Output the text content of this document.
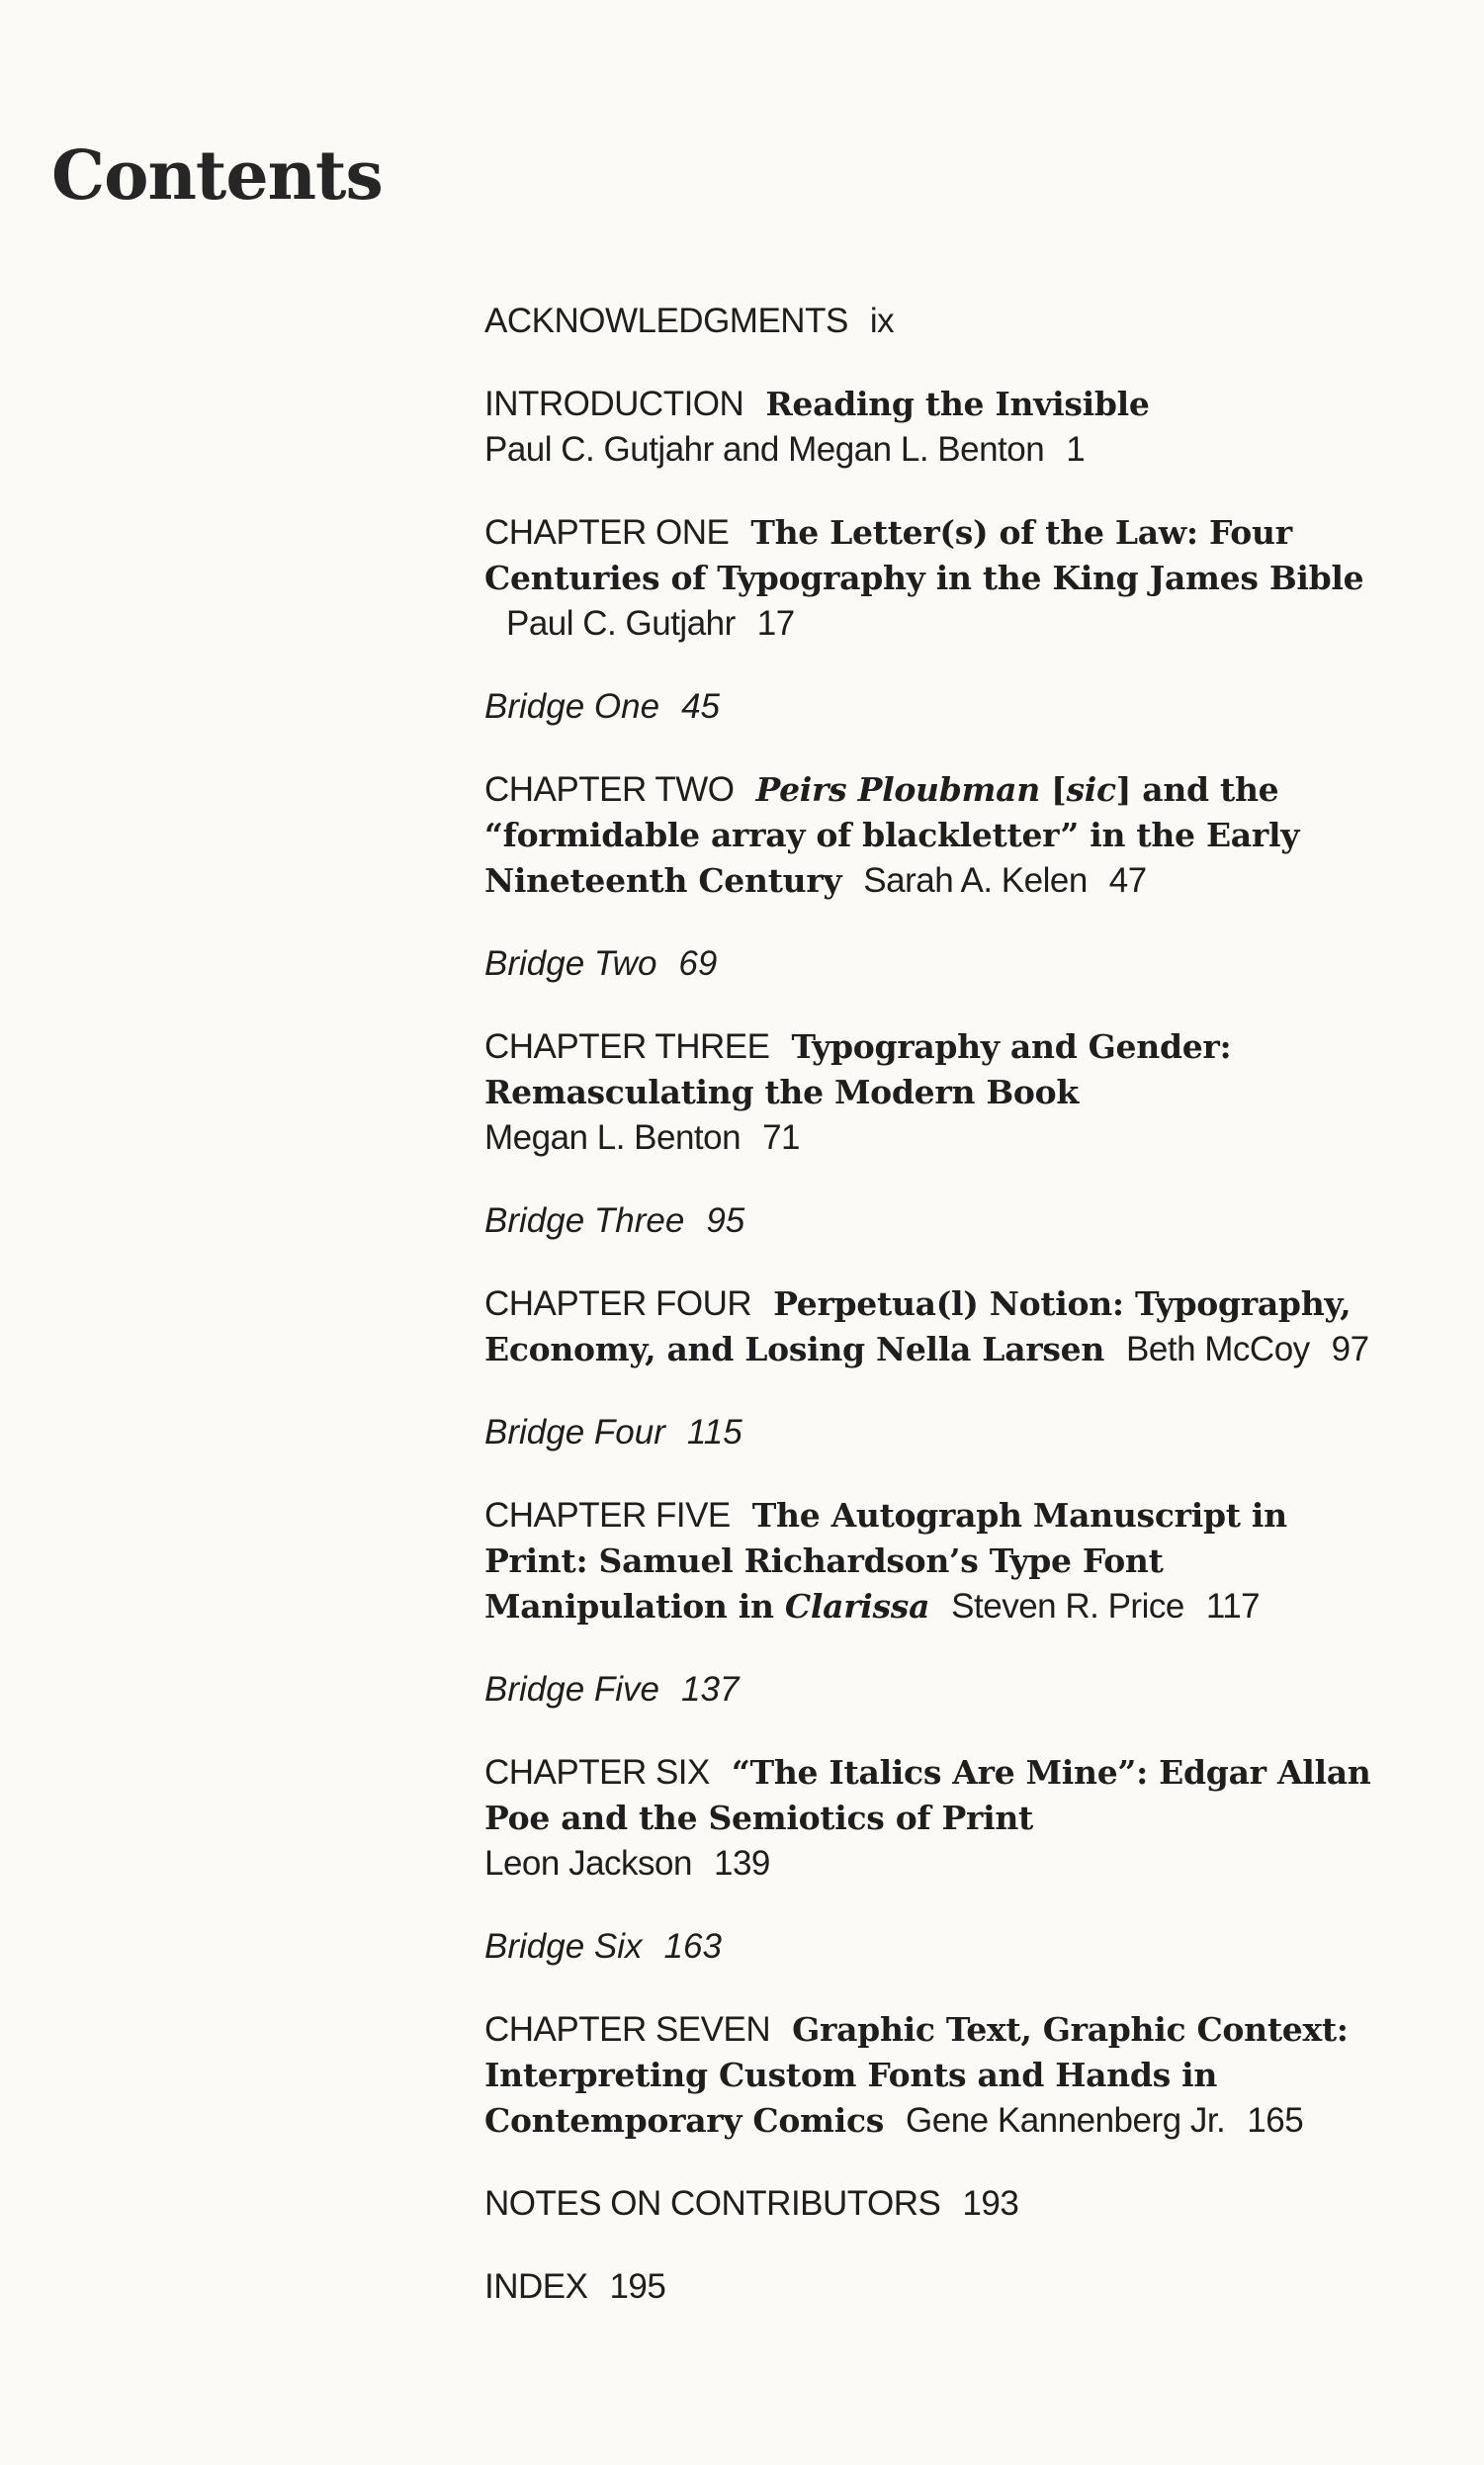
Contents
ACKNOWLEDGMENTS ix
INTRODUCTION Reading the Invisible
Paul C. Gutjahr and Megan L. Benton 1
CHAPTER ONE The Letter(s) of the Law: Four Centuries of Typography in the King James BiblePaul C. Gutjahr 17
Bridge One 45
CHAPTER TWO Peirs Ploubman [sic] and the “formidable array of blackletter” in the Early Nineteenth Century Sarah A. Kelen 47
Bridge Two 69
CHAPTER THREE Typography and Gender: Remasculating the Modern Book
Megan L. Benton 71
Bridge Three 95
CHAPTER FOUR Perpetua(l) Notion: Typography, Economy, and Losing Nella Larsen Beth McCoy 97
Bridge Four 115
CHAPTER FIVE The Autograph Manuscript in Print: Samuel Richardson’s Type Font Manipulation in Clarissa Steven R. Price 117
Bridge Five 137
CHAPTER SIX “The Italics Are Mine”: Edgar Allan Poe and the Semiotics of Print
Leon Jackson 139
Bridge Six 163
CHAPTER SEVEN Graphic Text, Graphic Context: Interpreting Custom Fonts and Hands in Contemporary Comics Gene Kannenberg Jr. 165
NOTES ON CONTRIBUTORS 193
INDEX 195
